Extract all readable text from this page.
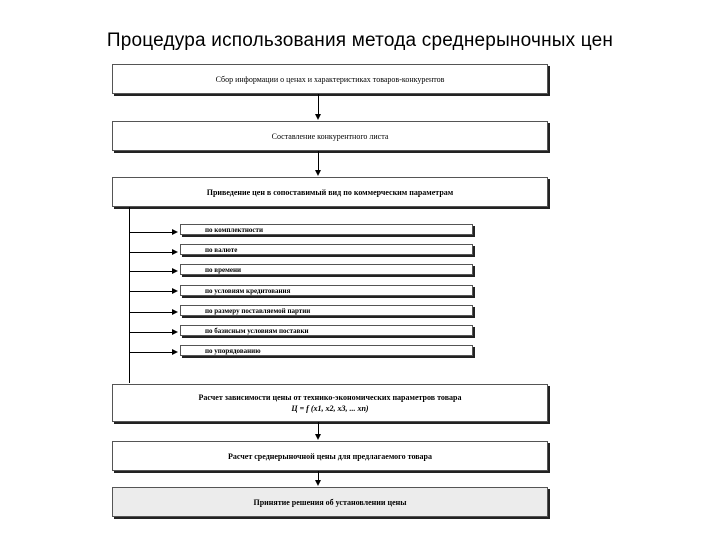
Процедура использования метода среднерыночных цен
Сбор информации о ценах и характеристиках товаров-конкурентов
Составление конкурентного листа
Приведение цен в сопоставимый вид по коммерческим параметрам
Расчет зависимости цены от технико-экономических параметров товара
Ц = f (x1, x2, x3, ... xn)
Расчет среднерыночной цены для предлагаемого товара
Принятие решения об установлении цены
по комплектности
по валюте
по времени
по условиям кредитования
по размеру поставляемой партии
по базисным условиям поставки
по упорядованию
